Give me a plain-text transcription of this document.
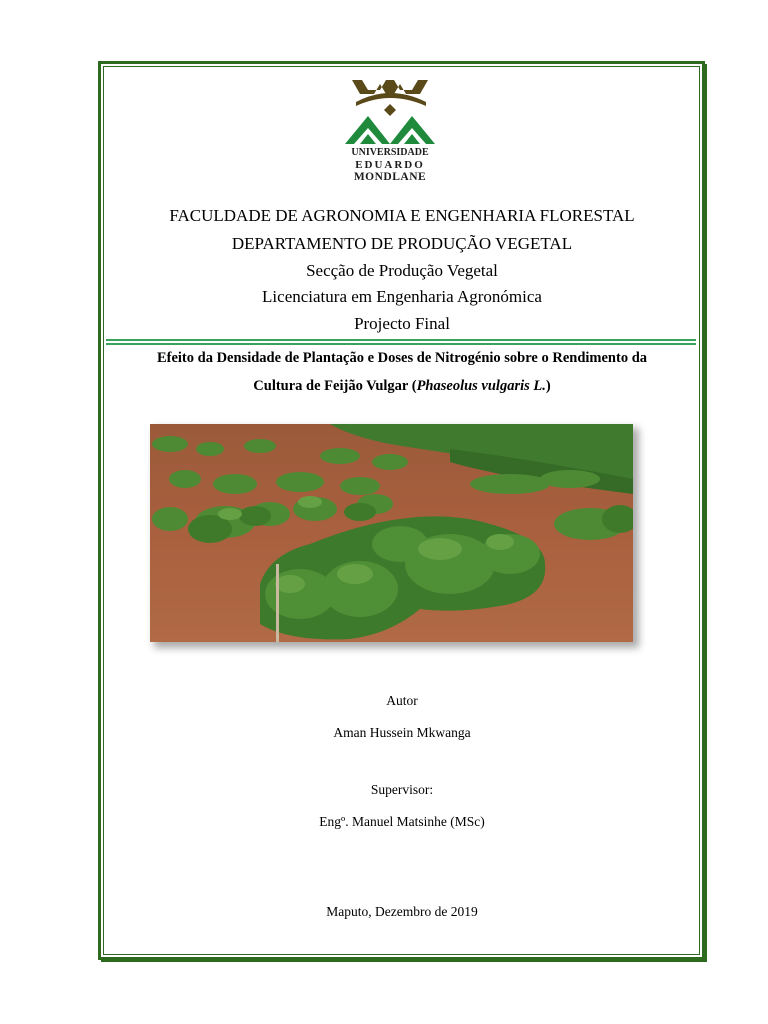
UNIVERSIDADE
EDUARDO
MONDLANE
FACULDADE DE AGRONOMIA E ENGENHARIA FLORESTAL
DEPARTAMENTO DE PRODUÇÃO VEGETAL
Secção de Produção Vegetal
Licenciatura em Engenharia Agronómica
Projecto Final
Efeito da Densidade de Plantação e Doses de Nitrogénio sobre o Rendimento da
Cultura de Feijão Vulgar (Phaseolus vulgaris L.)
Autor
Aman Hussein Mkwanga
Supervisor:
Engº. Manuel Matsinhe (MSc)
Maputo, Dezembro de 2019
